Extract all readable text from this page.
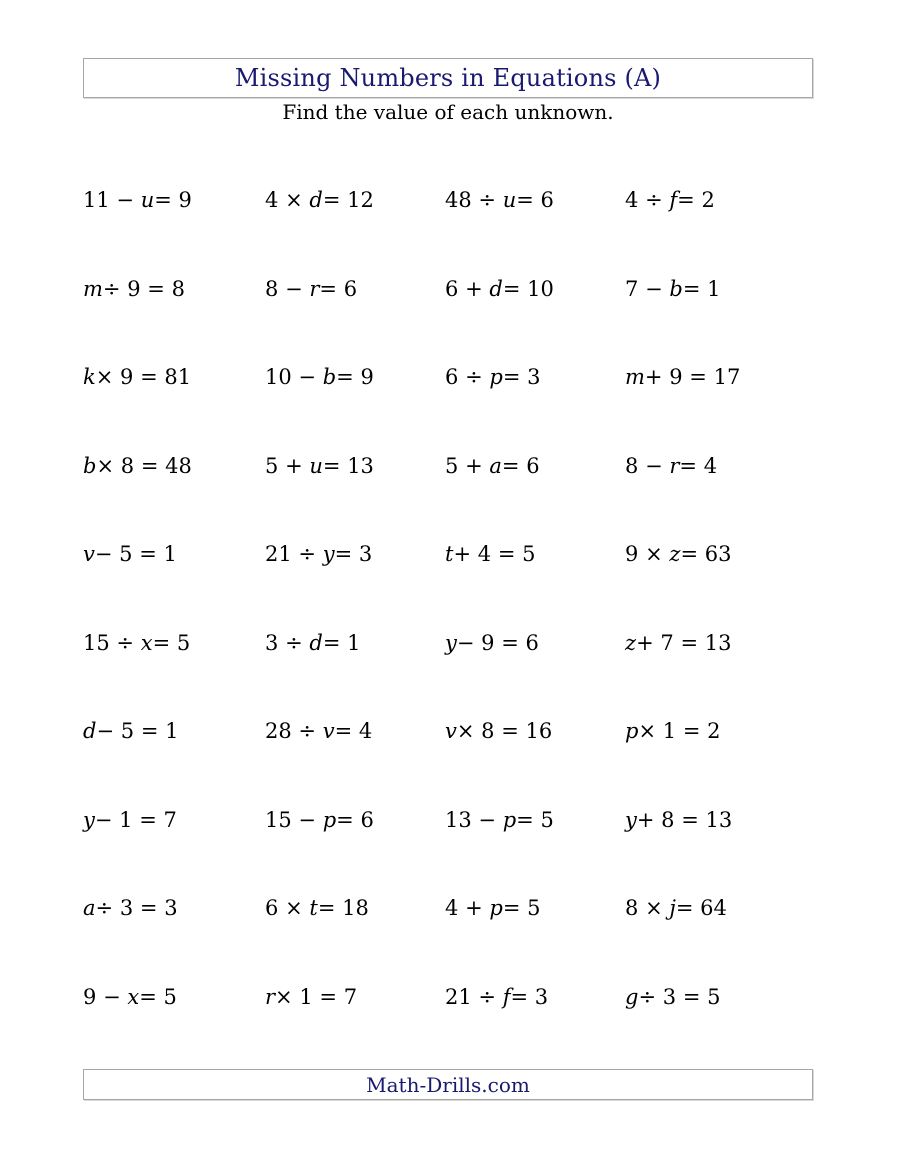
Missing Numbers in Equations (A)
Find the value of each unknown.
11 − u = 9	4 × d = 12	48 ÷ u = 6	4 ÷ f = 2
m ÷ 9 = 8	8 − r = 6	6 + d = 10	7 − b = 1
k × 9 = 81	10 − b = 9	6 ÷ p = 3	m + 9 = 17
b × 8 = 48	5 + u = 13	5 + a = 6	8 − r = 4
v − 5 = 1	21 ÷ y = 3	t + 4 = 5	9 × z = 63
15 ÷ x = 5	3 ÷ d = 1	y − 9 = 6	z + 7 = 13
d − 5 = 1	28 ÷ v = 4	v × 8 = 16	p × 1 = 2
y − 1 = 7	15 − p = 6	13 − p = 5	y + 8 = 13
a ÷ 3 = 3	6 × t = 18	4 + p = 5	8 × j = 64
9 − x = 5	r × 1 = 7	21 ÷ f = 3	g ÷ 3 = 5
Math-Drills.com
